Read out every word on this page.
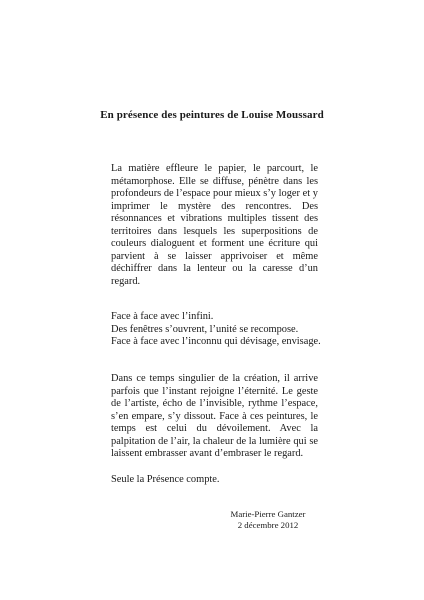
En présence des peintures de Louise Moussard
La matière effleure le papier, le parcourt, le métamorphose. Elle se diffuse, pénètre dans les profondeurs de l’espace pour mieux s’y loger et y imprimer le mystère des rencontres. Des résonnances et vibrations multiples tissent des territoires dans lesquels les superpositions de couleurs dialoguent et forment une écriture qui parvient à se laisser apprivoiser et même déchiffrer dans la lenteur ou la caresse d’un regard.
Face à face avec l’infini.
Des fenêtres s’ouvrent, l’unité se recompose.
Face à face avec l’inconnu qui dévisage, envisage.
Dans ce temps singulier de la création, il arrive parfois que l’instant rejoigne l’éternité. Le geste de l’artiste, écho de l’invisible, rythme l’espace, s’en empare, s’y dissout. Face à ces peintures, le temps est celui du dévoilement. Avec la palpitation de l’air, la chaleur de la lumière qui se laissent embrasser avant d’embraser le regard.
Seule la Présence compte.
Marie-Pierre Gantzer
2 décembre 2012
